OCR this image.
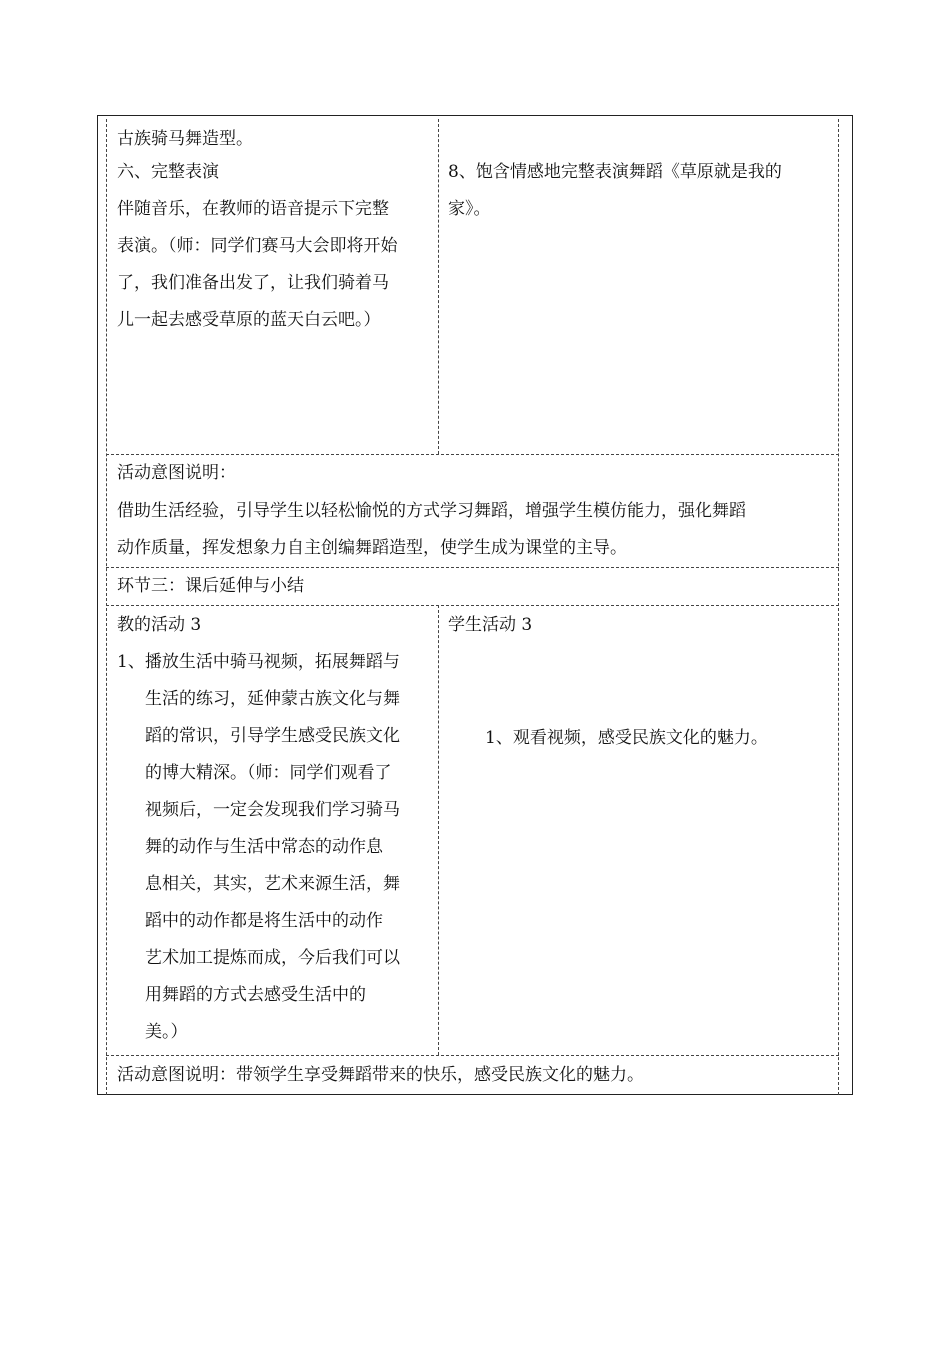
古族骑马舞造型。

六、完整表演

伴随音乐，在教师的语音提示下完整

表演。（师：同学们赛马大会即将开始

了，我们准备出发了，让我们骑着马

儿一起去感受草原的蓝天白云吧。）

8、饱含情感地完整表演舞蹈《草原就是我的

家》。

活动意图说明：

借助生活经验，引导学生以轻松愉悦的方式学习舞蹈，增强学生模仿能力，强化舞蹈

动作质量，挥发想象力自主创编舞蹈造型，使学生成为课堂的主导。

环节三：课后延伸与小结

教的活动 3

1、播放生活中骑马视频，拓展舞蹈与

生活的练习，延伸蒙古族文化与舞

蹈的常识，引导学生感受民族文化

的博大精深。（师：同学们观看了

视频后，一定会发现我们学习骑马

舞的动作与生活中常态的动作息

息相关，其实，艺术来源生活，舞

蹈中的动作都是将生活中的动作

艺术加工提炼而成，今后我们可以

用舞蹈的方式去感受生活中的

美。）

学生活动 3

1、观看视频，感受民族文化的魅力。

活动意图说明：带领学生享受舞蹈带来的快乐，感受民族文化的魅力。
